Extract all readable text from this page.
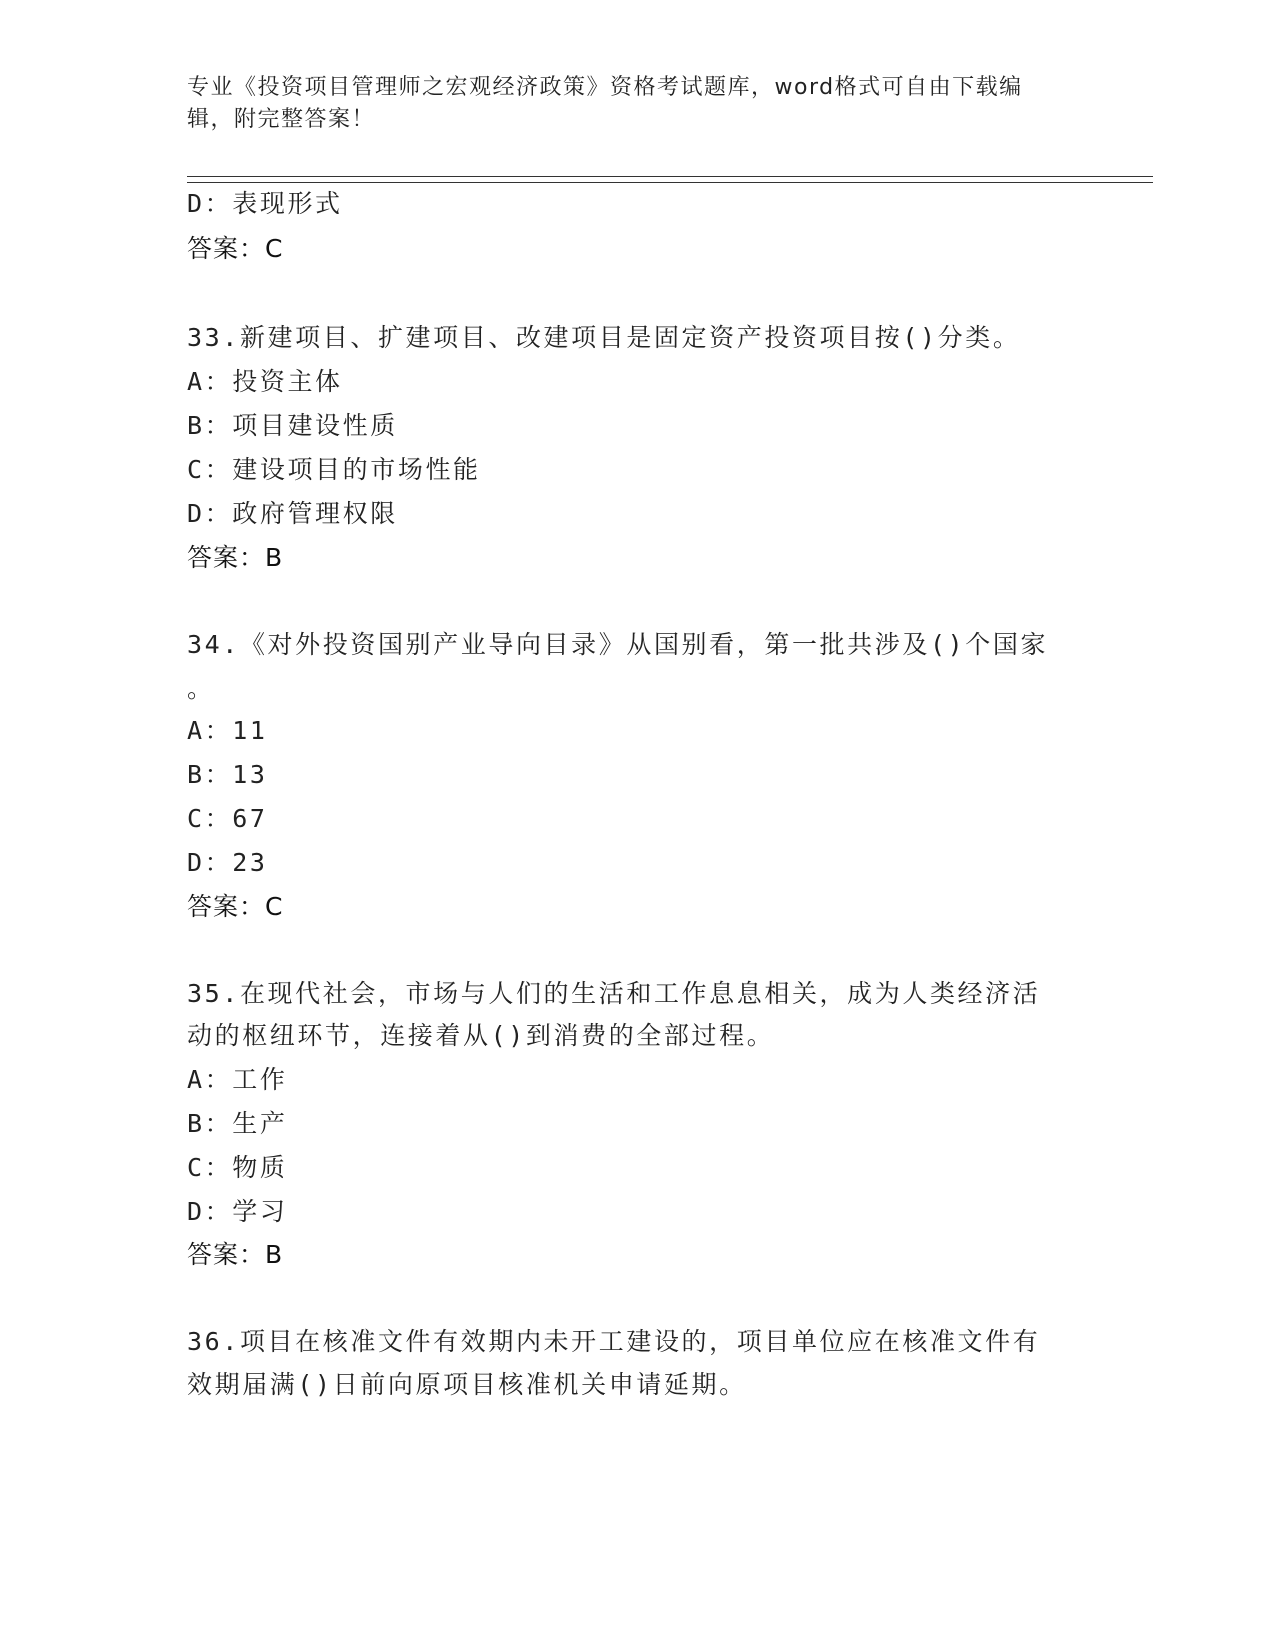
专业《投资项目管理师之宏观经济政策》资格考试题库，word格式可自由下载编
辑，附完整答案！
D：表现形式
答案：C
33.新建项目、扩建项目、改建项目是固定资产投资项目按()分类。
A：投资主体
B：项目建设性质
C：建设项目的市场性能
D：政府管理权限
答案：B
34.《对外投资国别产业导向目录》从国别看，第一批共涉及()个国家
。
A：11
B：13
C：67
D：23
答案：C
35.在现代社会，市场与人们的生活和工作息息相关，成为人类经济活
动的枢纽环节，连接着从()到消费的全部过程。
A：工作
B：生产
C：物质
D：学习
答案：B
36.项目在核准文件有效期内未开工建设的，项目单位应在核准文件有
效期届满()日前向原项目核准机关申请延期。
